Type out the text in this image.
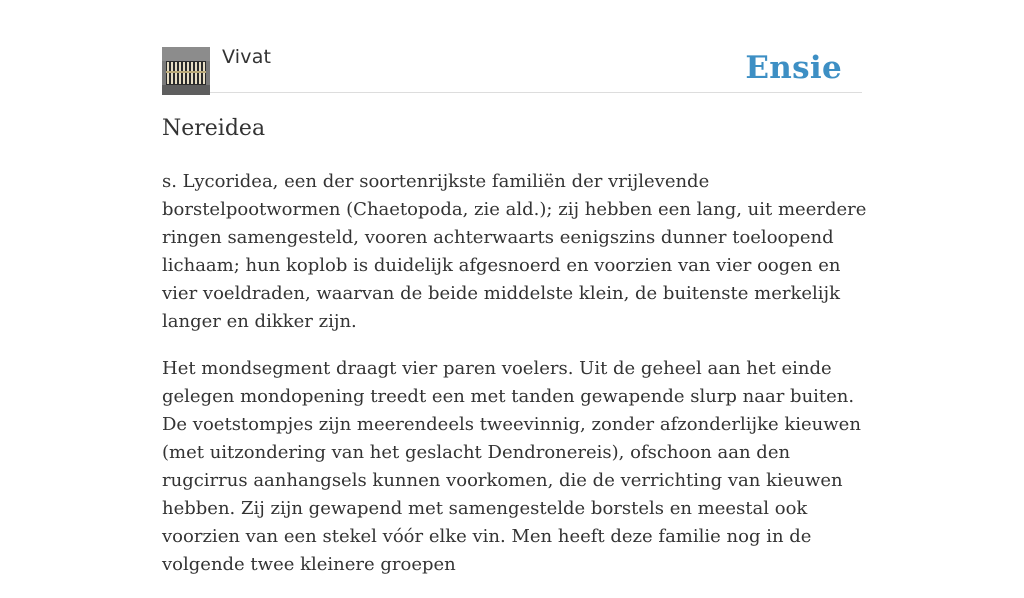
Vivat	Ensie
Nereidea

s. Lycoridea, een der soortenrijkste familiën der vrijlevende borstelpootwormen (Chaetopoda, zie ald.); zij hebben een lang, uit meerdere ringen samengesteld, vooren achterwaarts eenigszins dunner toeloopend lichaam; hun koplob is duidelijk afgesnoerd en voorzien van vier oogen en vier voeldraden, waarvan de beide middelste klein, de buitenste merkelijk langer en dikker zijn.

Het mondsegment draagt vier paren voelers. Uit de geheel aan het einde gelegen mondopening treedt een met tanden gewapende slurp naar buiten. De voetstompjes zijn meerendeels tweevinnig, zonder afzonderlijke kieuwen (met uitzondering van het geslacht Dendronereis), ofschoon aan den rugcirrus aanhangsels kunnen voorkomen, die de verrichting van kieuwen hebben. Zij zijn gewapend met samengestelde borstels en meestal ook voorzien van een stekel vóór elke vin. Men heeft deze familie nog in de volgende twee kleinere groepen
